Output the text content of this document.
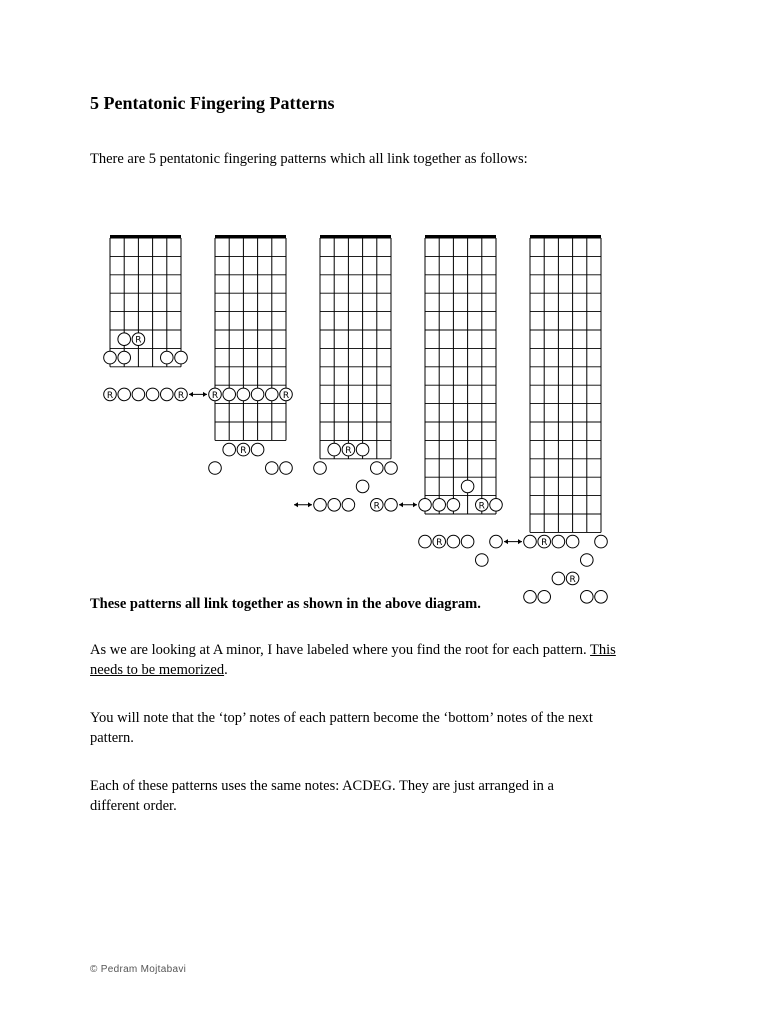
5 Pentatonic Fingering Patterns

There are 5 pentatonic fingering patterns which all link together as follows:

R
R	R	R	R
R	R
R	R
R	R
R

These patterns all link together as shown in the above diagram.

As we are looking at A minor, I have labeled where you find the root for each pattern. This
needs to be memorized.

You will note that the ‘top’ notes of each pattern become the ‘bottom’ notes of the next
pattern.

Each of these patterns uses the same notes: ACDEG. They are just arranged in a
different order.

© Pedram Mojtabavi
